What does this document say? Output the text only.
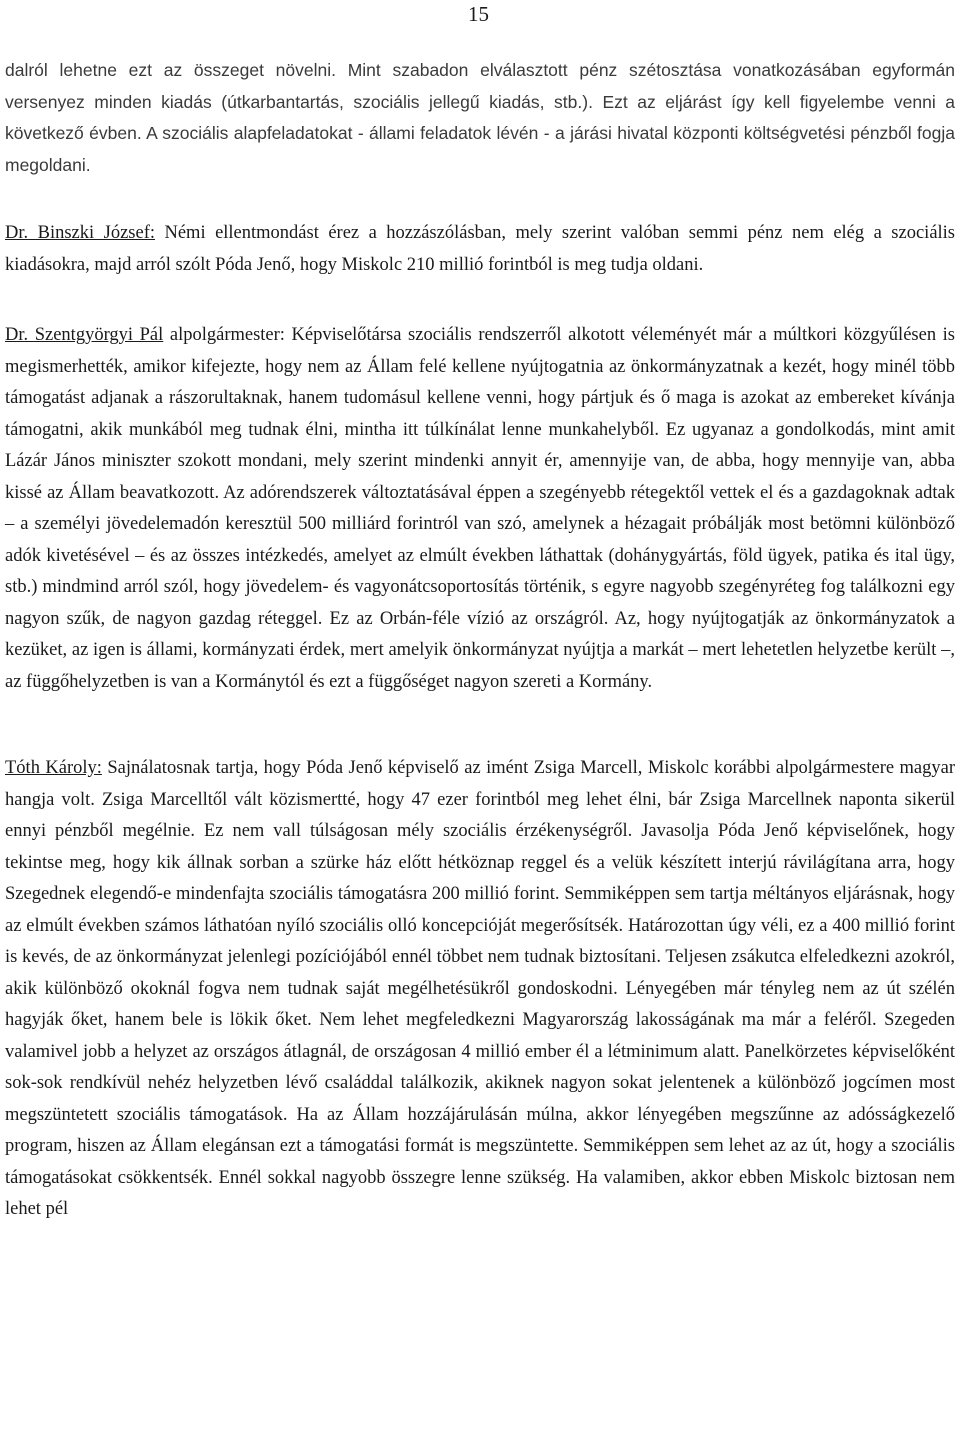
15

dalról lehetne ezt az összeget növelni. Mint szabadon elválasztott pénz szétosztása vonatkozásában egyformán versenyez minden kiadás (útkarbantartás, szociális jellegű kiadás, stb.). Ezt az eljárást így kell figyelembe venni a következő évben. A szociális alapfeladatokat - állami feladatok lévén - a járási hivatal központi költségvetési pénzből fogja megoldani.

Dr. Binszki József: Némi ellentmondást érez a hozzászólásban, mely szerint valóban semmi pénz nem elég a szociális kiadásokra, majd arról szólt Póda Jenő, hogy Miskolc 210 millió forintból is meg tudja oldani.

Dr. Szentgyörgyi Pál alpolgármester: Képviselőtársa szociális rendszerről alkotott véleményét már a múltkori közgyűlésen is megismerhették, amikor kifejezte, hogy nem az Állam felé kellene nyújtogatnia az önkormányzatnak a kezét, hogy minél több támogatást adjanak a rászorultaknak, hanem tudomásul kellene venni, hogy pártjuk és ő maga is azokat az embereket kívánja támogatni, akik munkából meg tudnak élni, mintha itt túlkínálat lenne munkahelyből. Ez ugyanaz a gondolkodás, mint amit Lázár János miniszter szokott mondani, mely szerint mindenki annyit ér, amennyije van, de abba, hogy mennyije van, abba kissé az Állam beavatkozott. Az adórendszerek változtatásával éppen a szegényebb rétegektől vettek el és a gazdagoknak adtak – a személyi jövedelemadón keresztül 500 milliárd forintról van szó, amelynek a hézagait próbálják most betömni különböző adók kivetésével – és az összes intézkedés, amelyet az elmúlt években láthattak (dohánygyártás, föld ügyek, patika és ital ügy, stb.) mindmind arról szól, hogy jövedelem- és vagyonátcsoportosítás történik, s egyre nagyobb szegényréteg fog találkozni egy nagyon szűk, de nagyon gazdag réteggel. Ez az Orbán-féle vízió az országról. Az, hogy nyújtogatják az önkormányzatok a kezüket, az igen is állami, kormányzati érdek, mert amelyik önkormányzat nyújtja a markát – mert lehetetlen helyzetbe került –, az függőhelyzetben is van a Kormánytól és ezt a függőséget nagyon szereti a Kormány.

Tóth Károly: Sajnálatosnak tartja, hogy Póda Jenő képviselő az imént Zsiga Marcell, Miskolc korábbi alpolgármestere magyar hangja volt. Zsiga Marcelltől vált közismertté, hogy 47 ezer forintból meg lehet élni, bár Zsiga Marcellnek naponta sikerül ennyi pénzből megélnie. Ez nem vall túlságosan mély szociális érzékenységről. Javasolja Póda Jenő képviselőnek, hogy tekintse meg, hogy kik állnak sorban a szürke ház előtt hétköznap reggel és a velük készített interjú rávilágítana arra, hogy Szegednek elegendő-e mindenfajta szociális támogatásra 200 millió forint. Semmiképpen sem tartja méltányos eljárásnak, hogy az elmúlt években számos láthatóan nyíló szociális olló koncepcióját megerősítsék. Határozottan úgy véli, ez a 400 millió forint is kevés, de az önkormányzat jelenlegi pozíciójából ennél többet nem tudnak biztosítani. Teljesen zsákutca elfeledkezni azokról, akik különböző okoknál fogva nem tudnak saját megélhetésükről gondoskodni. Lényegében már tényleg nem az út szélén hagyják őket, hanem bele is lökik őket. Nem lehet megfeledkezni Magyarország lakosságának ma már a feléről. Szegeden valamivel jobb a helyzet az országos átlagnál, de országosan 4 millió ember él a létminimum alatt. Panelkörzetes képviselőként sok-sok rendkívül nehéz helyzetben lévő családdal találkozik, akiknek nagyon sokat jelentenek a különböző jogcímen most megszüntetett szociális támogatások. Ha az Állam hozzájárulásán múlna, akkor lényegében megszűnne az adósságkezelő program, hiszen az Állam elegánsan ezt a támogatási formát is megszüntette. Semmiképpen sem lehet az az út, hogy a szociális támogatásokat csökkentsék. Ennél sokkal nagyobb összegre lenne szükség. Ha valamiben, akkor ebben Miskolc biztosan nem lehet pél
